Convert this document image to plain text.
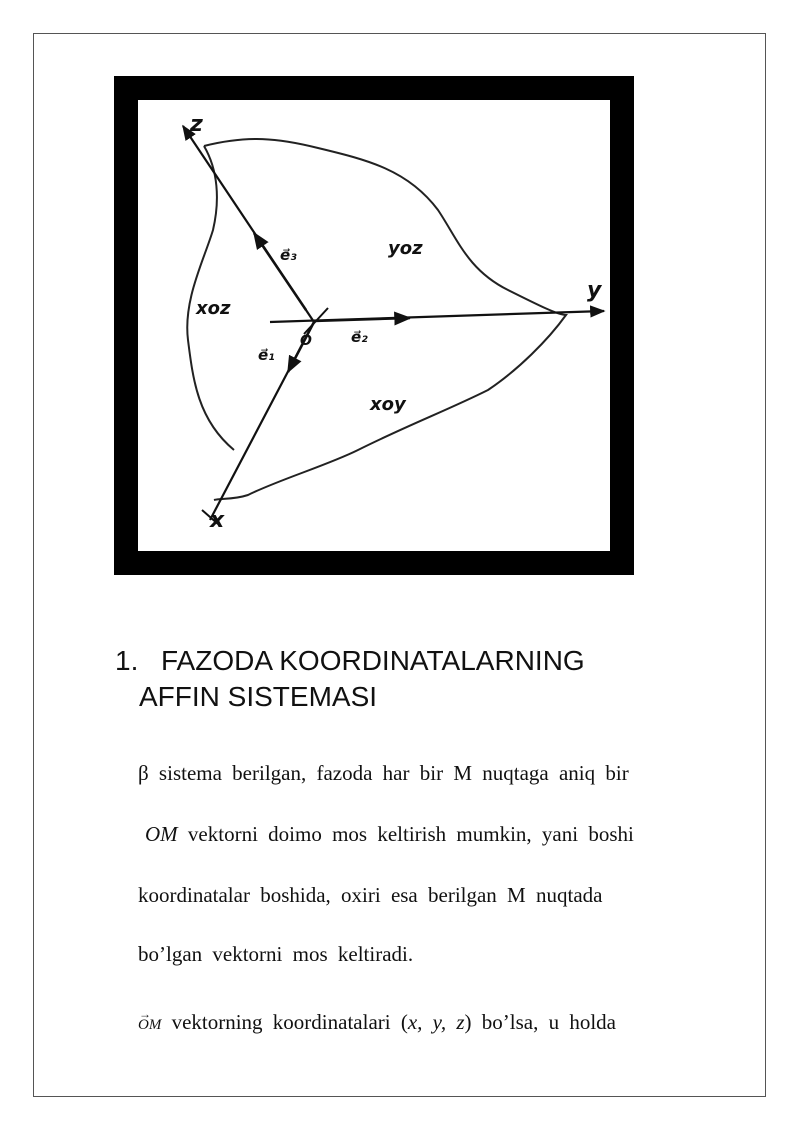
z
y
x
O
e⃗₃
e⃗₂
e⃗₁
yoz
xoz
xoy
1. FAZODA KOORDINATALARNING
AFFIN SISTEMASI
β sistema berilgan, fazoda har bir M nuqtaga aniq bir
OM vektorni doimo mos keltirish mumkin, yani boshi
koordinatalar boshida, oxiri esa berilgan M nuqtada
bo’lgan vektorni mos keltiradi.
→
OM vektorning koordinatalari (x, y, z) bo’lsa, u holda
